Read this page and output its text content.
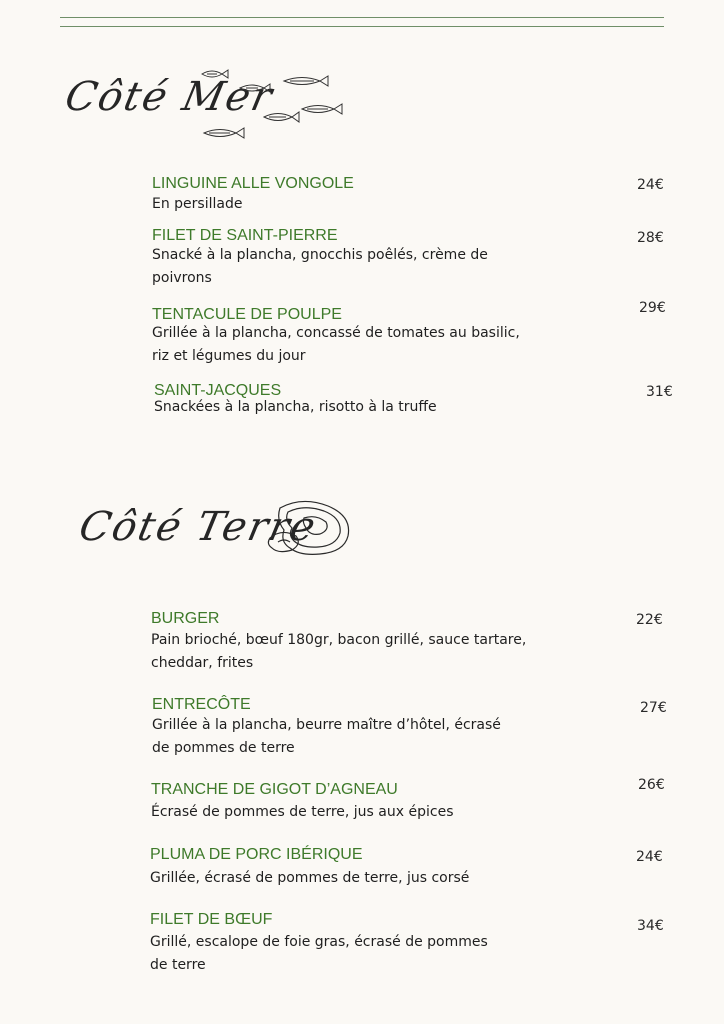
Côté Mer
LINGUINE ALLE VONGOLE
En persillade
24€
FILET DE SAINT-PIERRE
Snacké à la plancha, gnocchis poêlés, crème de poivrons
28€
TENTACULE DE POULPE
Grillée à la plancha, concassé de tomates au basilic, riz et légumes du jour
29€
SAINT-JACQUES
Snackées à la plancha, risotto à la truffe
31€
Côté Terre
BURGER
Pain brioché, bœuf 180gr, bacon grillé, sauce tartare, cheddar, frites
22€
ENTRECÔTE
Grillée à la plancha, beurre maître d’hôtel, écrasé de pommes de terre
27€
TRANCHE DE GIGOT D’AGNEAU
Écrasé de pommes de terre, jus aux épices
26€
PLUMA DE PORC IBÉRIQUE
Grillée, écrasé de pommes de terre, jus corsé
24€
FILET DE BŒUF
Grillé, escalope de foie gras, écrasé de pommes de terre
34€
